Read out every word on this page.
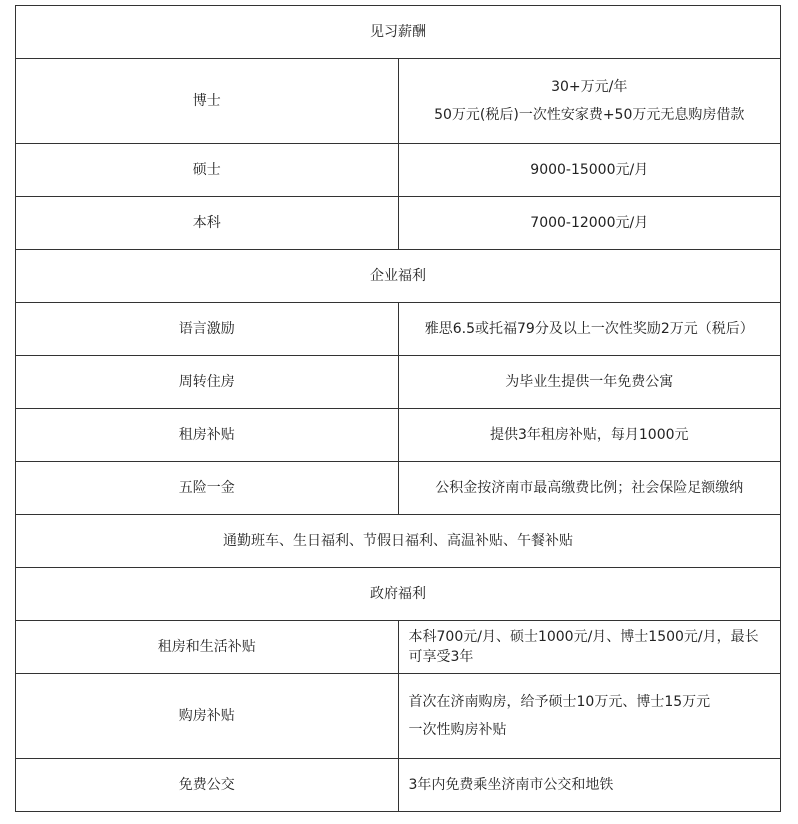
见习薪酬	
博士	30+万元/年
50万元(税后)一次性安家费+50万元无息购房借款

硕士	9000-15000元/月
本科	7000-12000元/月
企业福利	
语言激励	雅思6.5或托福79分及以上一次性奖励2万元（税后）
周转住房	为毕业生提供一年免费公寓
租房补贴	提供3年租房补贴，每月1000元
五险一金	公积金按济南市最高缴费比例；社会保险足额缴纳
通勤班车、生日福利、节假日福利、高温补贴、午餐补贴	
政府福利	
租房和生活补贴	本科700元/月、硕士1000元/月、博士1500元/月，最长可享受3年
购房补贴	首次在济南购房，给予硕士10万元、博士15万元
一次性购房补贴

免费公交	3年内免费乘坐济南市公交和地铁
